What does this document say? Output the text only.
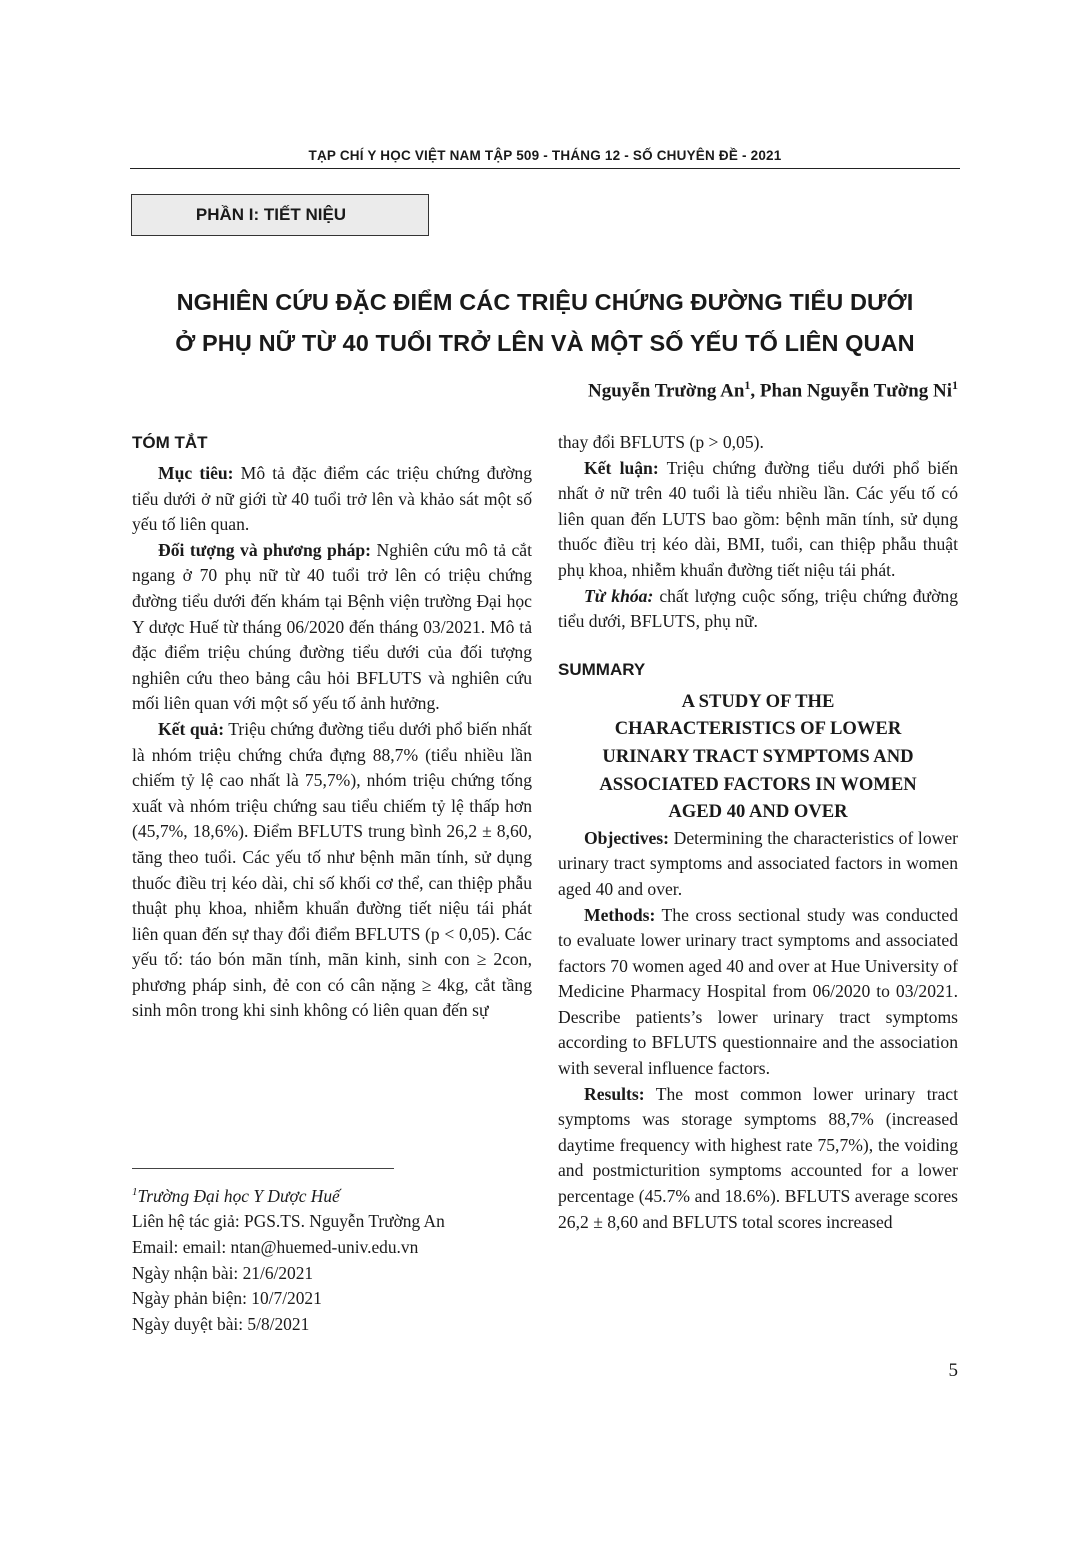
TẠP CHÍ Y HỌC VIỆT NAM TẬP 509 - THÁNG 12 - SỐ CHUYÊN ĐỀ - 2021
PHẦN I: TIẾT NIỆU
NGHIÊN CỨU ĐẶC ĐIỂM CÁC TRIỆU CHỨNG ĐƯỜNG TIỂU DƯỚI
Ở PHỤ NỮ TỪ 40 TUỔI TRỞ LÊN VÀ MỘT SỐ YẾU TỐ LIÊN QUAN
Nguyễn Trường An$^1$, Phan Nguyễn Tường Ni$^1$

TÓM TẮT

Mục tiêu: Mô tả đặc điểm các triệu chứng đường tiểu dưới ở nữ giới từ 40 tuổi trở lên và khảo sát một số yếu tố liên quan.

Đối tượng và phương pháp: Nghiên cứu mô tả cắt ngang ở 70 phụ nữ từ 40 tuổi trở lên có triệu chứng đường tiểu dưới đến khám tại Bệnh viện trường Đại học Y dược Huế từ tháng 06/2020 đến tháng 03/2021. Mô tả đặc điểm triệu chúng đường tiểu dưới của đối tượng nghiên cứu theo bảng câu hỏi BFLUTS và nghiên cứu mối liên quan với một số yếu tố ảnh hưởng.

Kết quả: Triệu chứng đường tiểu dưới phổ biến nhất là nhóm triệu chứng chứa đựng 88,7% (tiểu nhiều lần chiếm tỷ lệ cao nhất là 75,7%), nhóm triệu chứng tống xuất và nhóm triệu chứng sau tiểu chiếm tỷ lệ thấp hơn (45,7%, 18,6%). Điểm BFLUTS trung bình 26,2 ± 8,60, tăng theo tuổi. Các yếu tố như bệnh mãn tính, sử dụng thuốc điều trị kéo dài, chỉ số khối cơ thể, can thiệp phẫu thuật phụ khoa, nhiễm khuẩn đường tiết niệu tái phát liên quan đến sự thay đổi điểm BFLUTS (p < 0,05). Các yếu tố: táo bón mãn tính, mãn kinh, sinh con ≥ 2con, phương pháp sinh, đẻ con có cân nặng ≥ 4kg, cắt tầng sinh môn trong khi sinh không có liên quan đến sự

$^1$Trường Đại học Y Dược Huế
Liên hệ tác giả: PGS.TS. Nguyễn Trường An
Email: email: ntan@huemed-univ.edu.vn
Ngày nhận bài: 21/6/2021
Ngày phản biện: 10/7/2021
Ngày duyệt bài: 5/8/2021

thay đổi BFLUTS (p > 0,05).

Kết luận: Triệu chứng đường tiểu dưới phổ biến nhất ở nữ trên 40 tuổi là tiểu nhiều lần. Các yếu tố có liên quan đến LUTS bao gồm: bệnh mãn tính, sử dụng thuốc điều trị kéo dài, BMI, tuổi, can thiệp phẫu thuật phụ khoa, nhiễm khuẩn đường tiết niệu tái phát.

Từ khóa: chất lượng cuộc sống, triệu chứng đường tiểu dưới, BFLUTS, phụ nữ.

SUMMARY

A STUDY OF THE

CHARACTERISTICS OF LOWER

URINARY TRACT SYMPTOMS AND

ASSOCIATED FACTORS IN WOMEN

AGED 40 AND OVER

Objectives: Determining the characteristics of lower urinary tract symptoms and associated factors in women aged 40 and over.

Methods: The cross sectional study was conducted to evaluate lower urinary tract symptoms and associated factors 70 women aged 40 and over at Hue University of Medicine Pharmacy Hospital from 06/2020 to 03/2021. Describe patients’s lower urinary tract symptoms according to BFLUTS questionnaire and the association with several influence factors.

Results: The most common lower urinary tract symptoms was storage symptoms 88,7% (increased daytime frequency with highest rate 75,7%), the voiding and postmicturition symptoms accounted for a lower percentage (45.7% and 18.6%). BFLUTS average scores 26,2 ± 8,60 and BFLUTS total scores increased

5
